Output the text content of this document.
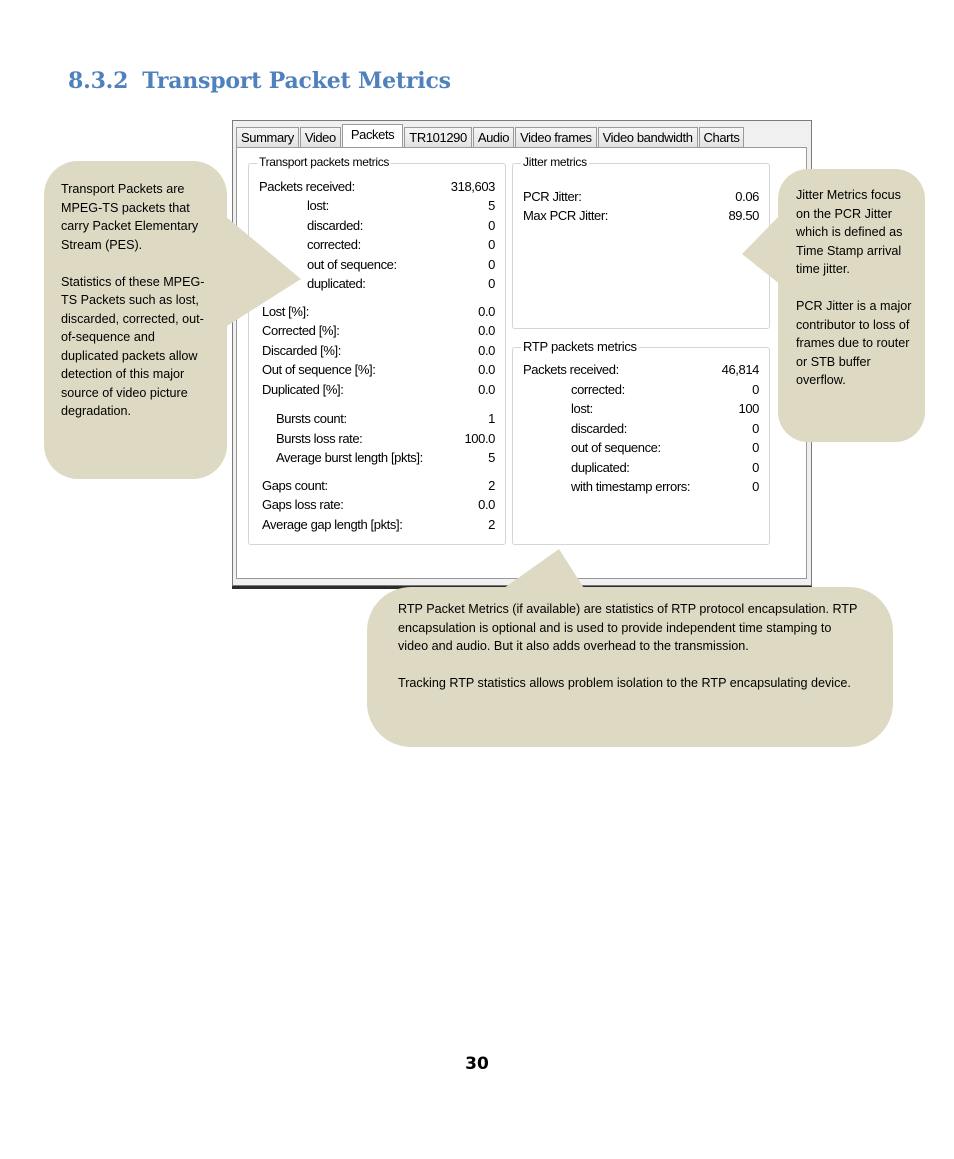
8.3.2 Transport Packet Metrics

Transport Packets are MPEG-TS packets that carry Packet Elementary Stream (PES).

Statistics of these MPEG-TS Packets such as lost, discarded, corrected, out-of-sequence and duplicated packets allow detection of this major source of video picture degradation.

Summary Video	Packets	TR101290 Audio Video frames Video bandwidth Charts
Transport packets metrics
Packets received:	318,603
lost:	5
discarded:	0
corrected:	0
out of sequence:	0
duplicated:	0
Lost [%]:	0.0
Corrected [%]:	0.0
Discarded [%]:	0.0
Out of sequence [%]:	0.0
Duplicated [%]:	0.0
Bursts count:	1
Bursts loss rate:	100.0
Average burst length [pkts]:	5
Gaps count:	2
Gaps loss rate:	0.0
Average gap length [pkts]:	2
Jitter metrics
PCR Jitter:	0.06
Max PCR Jitter:	89.50
RTP packets metrics
Packets received:	46,814
corrected:	0
lost:	100
discarded:	0
out of sequence:	0
duplicated:	0
with timestamp errors:	0

Jitter Metrics focus on the PCR Jitter which is defined as Time Stamp arrival time jitter.

PCR Jitter is a major contributor to loss of frames due to router or STB buffer overflow.

RTP Packet Metrics (if available) are statistics of RTP protocol encapsulation. RTP encapsulation is optional and is used to provide independent time stamping to video and audio. But it also adds overhead to the transmission.

Tracking RTP statistics allows problem isolation to the RTP encapsulating device.

30
